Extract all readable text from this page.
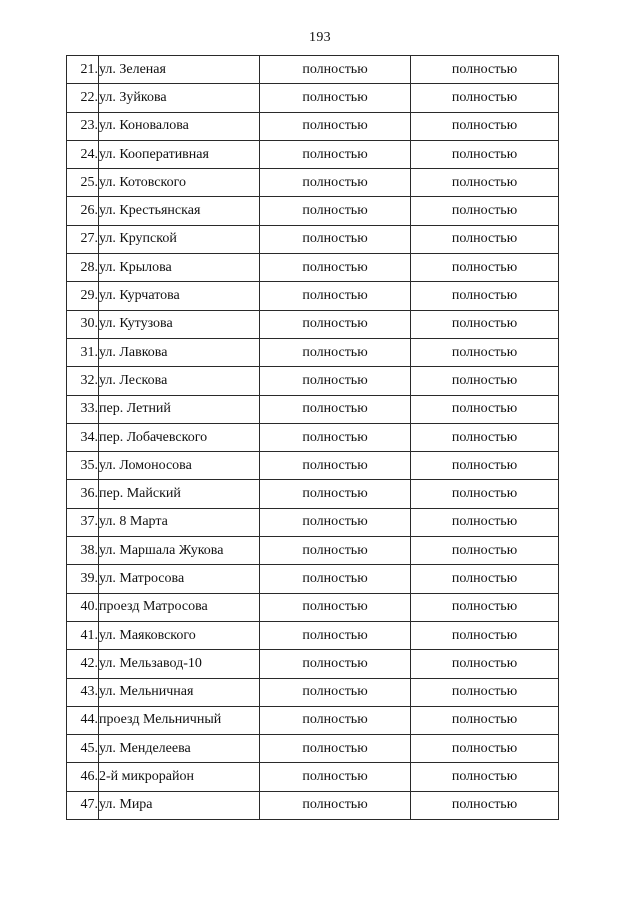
193
21.	ул. Зеленая	полностью	полностью
22.	ул. Зуйкова	полностью	полностью
23.	ул. Коновалова	полностью	полностью
24.	ул. Кооперативная	полностью	полностью
25.	ул. Котовского	полностью	полностью
26.	ул. Крестьянская	полностью	полностью
27.	ул. Крупской	полностью	полностью
28.	ул. Крылова	полностью	полностью
29.	ул. Курчатова	полностью	полностью
30.	ул. Кутузова	полностью	полностью
31.	ул. Лавкова	полностью	полностью
32.	ул. Лескова	полностью	полностью
33.	пер. Летний	полностью	полностью
34.	пер. Лобачевского	полностью	полностью
35.	ул. Ломоносова	полностью	полностью
36.	пер. Майский	полностью	полностью
37.	ул. 8 Марта	полностью	полностью
38.	ул. Маршала Жукова	полностью	полностью
39.	ул. Матросова	полностью	полностью
40.	проезд Матросова	полностью	полностью
41.	ул. Маяковского	полностью	полностью
42.	ул. Мельзавод-10	полностью	полностью
43.	ул. Мельничная	полностью	полностью
44.	проезд Мельничный	полностью	полностью
45.	ул. Менделеева	полностью	полностью
46.	2-й микрорайон	полностью	полностью
47.	ул. Мира	полностью	полностью
